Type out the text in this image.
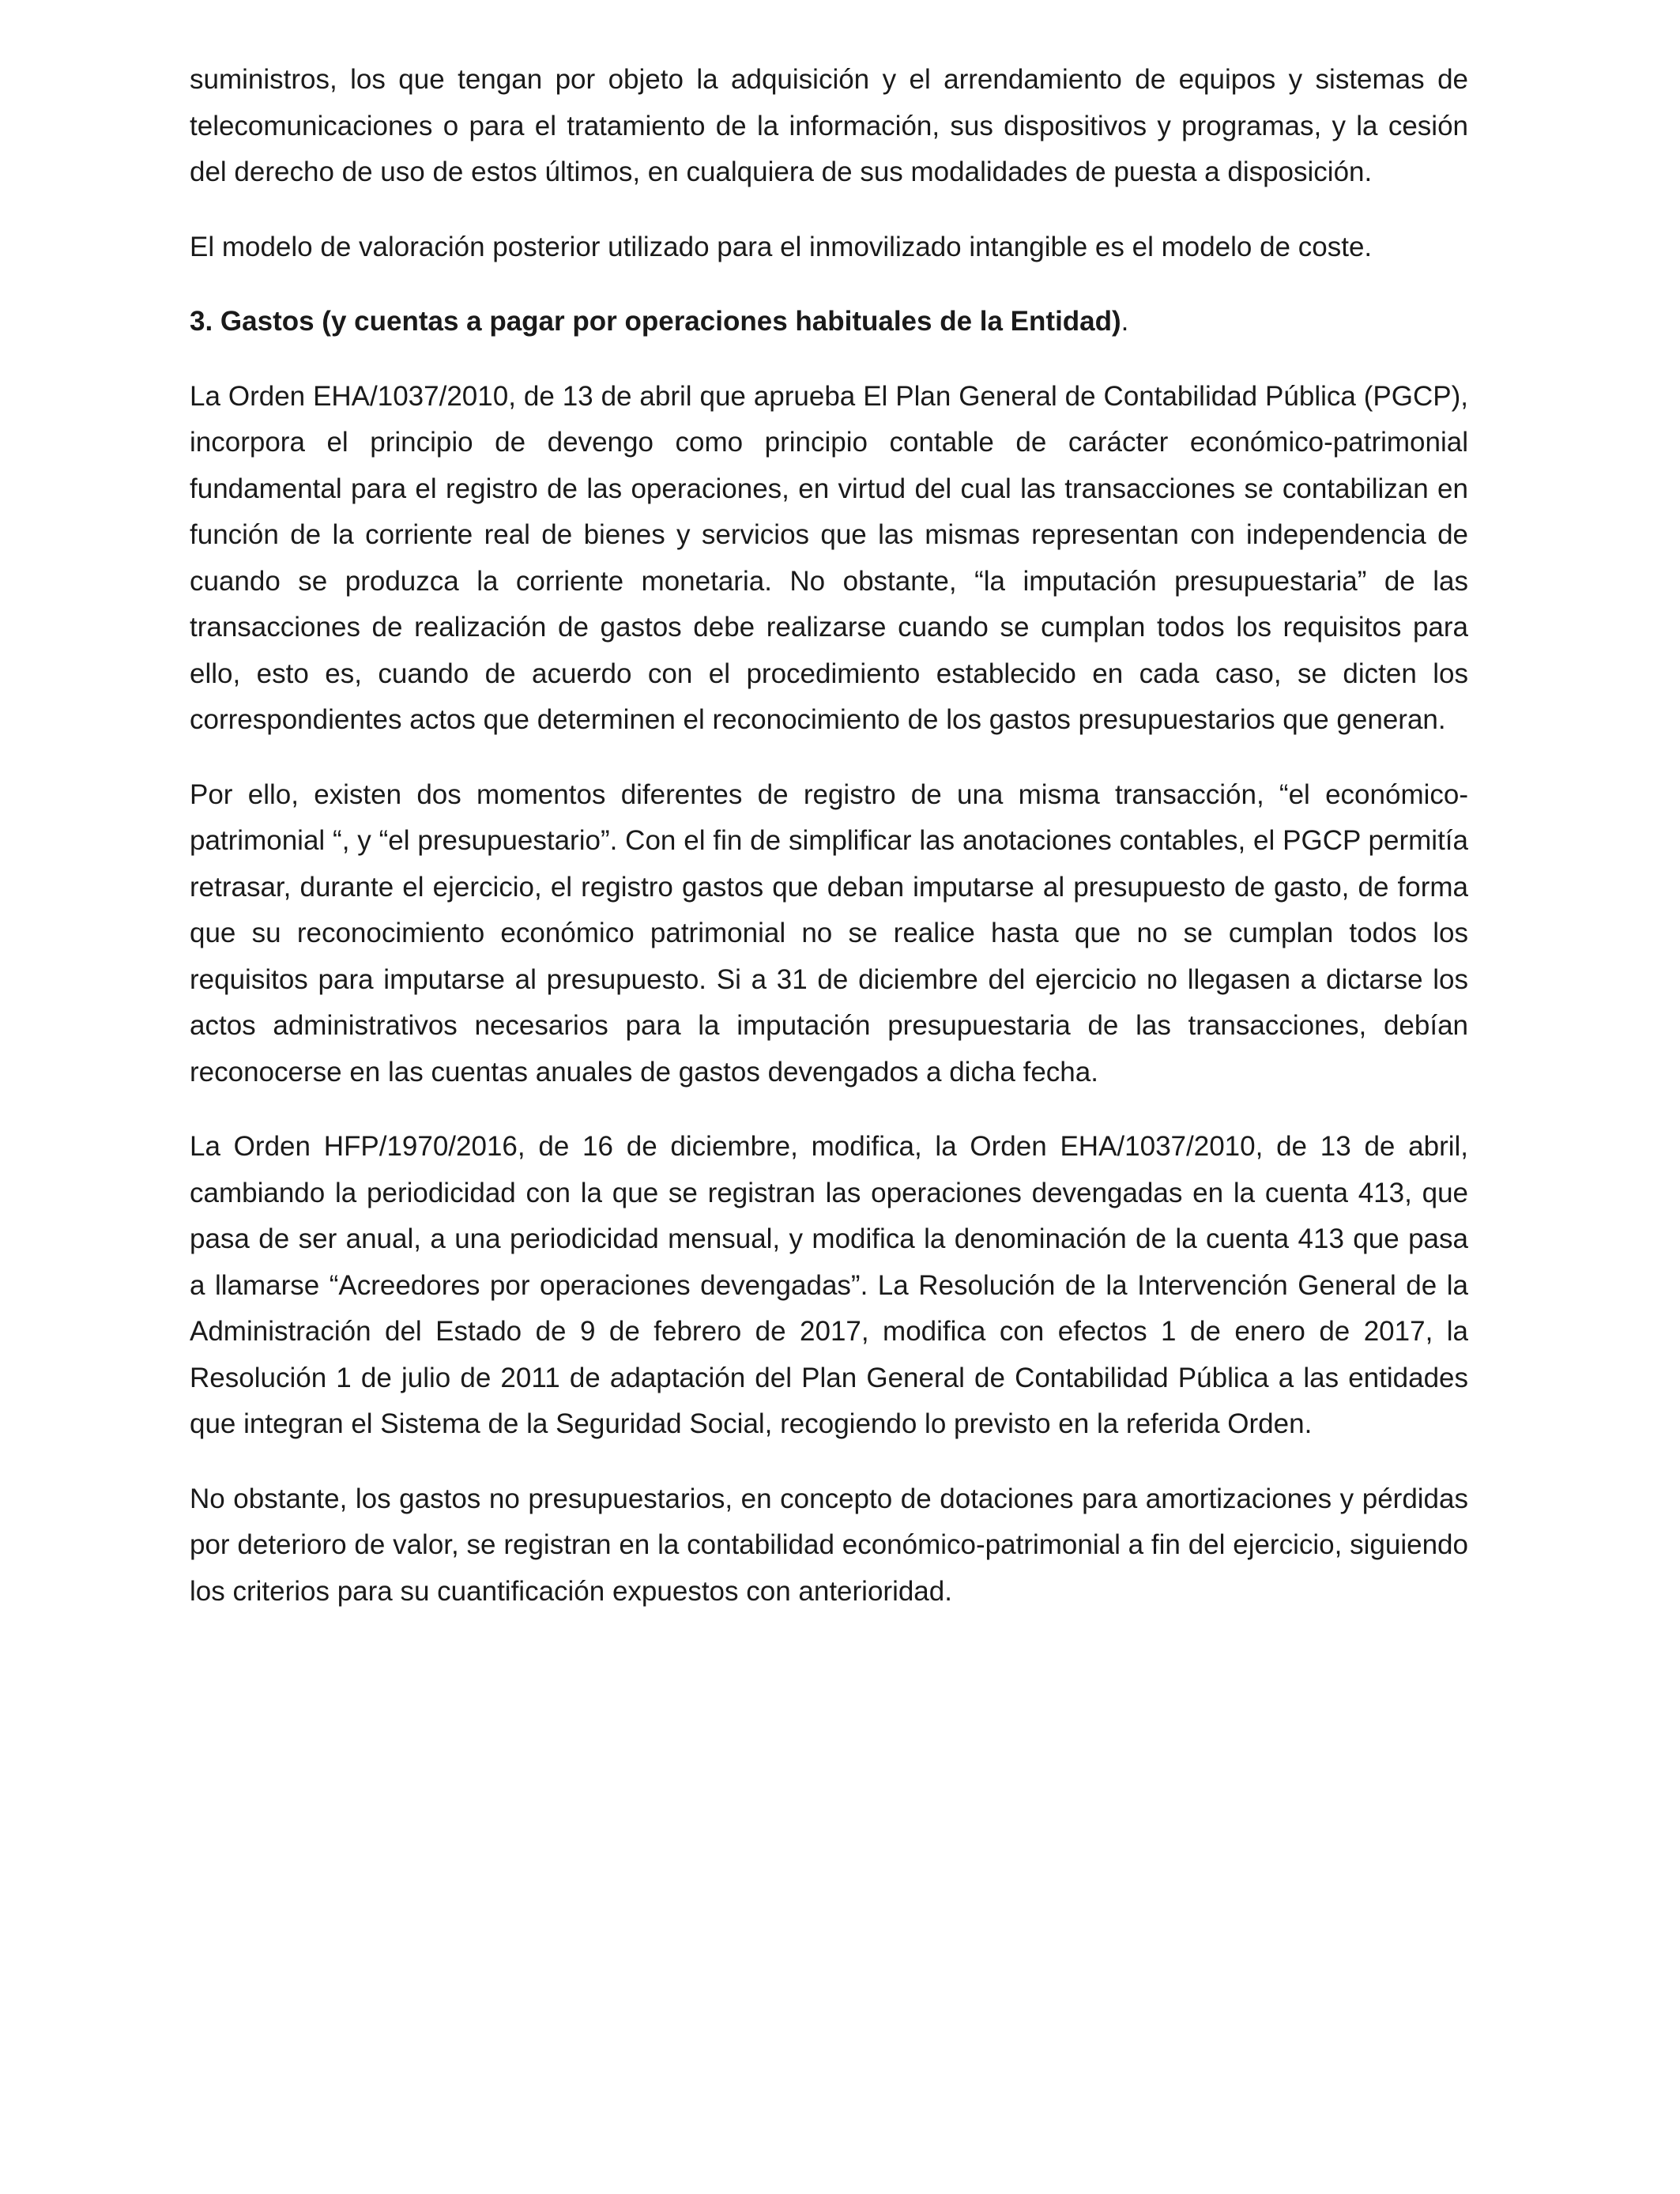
suministros, los que tengan por objeto la adquisición y el arrendamiento de equipos y sistemas de telecomunicaciones o para el tratamiento de la información, sus dispositivos y programas, y la cesión del derecho de uso de estos últimos, en cualquiera de sus modalidades de puesta a disposición.

El modelo de valoración posterior utilizado para el inmovilizado intangible es el modelo de coste.

3. Gastos (y cuentas a pagar por operaciones habituales de la Entidad).

La Orden EHA/1037/2010, de 13 de abril que aprueba El Plan General de Contabilidad Pública (PGCP), incorpora el principio de devengo como principio contable de carácter económico-patrimonial fundamental para el registro de las operaciones, en virtud del cual las transacciones se contabilizan en función de la corriente real de bienes y servicios que las mismas representan con independencia de cuando se produzca la corriente monetaria. No obstante, “la imputación presupuestaria” de las transacciones de realización de gastos debe realizarse cuando se cumplan todos los requisitos para ello, esto es, cuando de acuerdo con el procedimiento establecido en cada caso, se dicten los correspondientes actos que determinen el reconocimiento de los gastos presupuestarios que generan.

Por ello, existen dos momentos diferentes de registro de una misma transacción, “el económico-patrimonial “, y “el presupuestario”. Con el fin de simplificar las anotaciones contables, el PGCP permitía retrasar, durante el ejercicio, el registro gastos que deban imputarse al presupuesto de gasto, de forma que su reconocimiento económico patrimonial no se realice hasta que no se cumplan todos los requisitos para imputarse al presupuesto. Si a 31 de diciembre del ejercicio no llegasen a dictarse los actos administrativos necesarios para la imputación presupuestaria de las transacciones, debían reconocerse en las cuentas anuales de gastos devengados a dicha fecha.

La Orden HFP/1970/2016, de 16 de diciembre, modifica, la Orden EHA/1037/2010, de 13 de abril, cambiando la periodicidad con la que se registran las operaciones devengadas en la cuenta 413, que pasa de ser anual, a una periodicidad mensual, y modifica la denominación de la cuenta 413 que pasa a llamarse “Acreedores por operaciones devengadas”. La Resolución de la Intervención General de la Administración del Estado de 9 de febrero de 2017, modifica con efectos 1 de enero de 2017, la Resolución 1 de julio de 2011 de adaptación del Plan General de Contabilidad Pública a las entidades que integran el Sistema de la Seguridad Social, recogiendo lo previsto en la referida Orden.

No obstante, los gastos no presupuestarios, en concepto de dotaciones para amortizaciones y pérdidas por deterioro de valor, se registran en la contabilidad económico-patrimonial a fin del ejercicio, siguiendo los criterios para su cuantificación expuestos con anterioridad.
